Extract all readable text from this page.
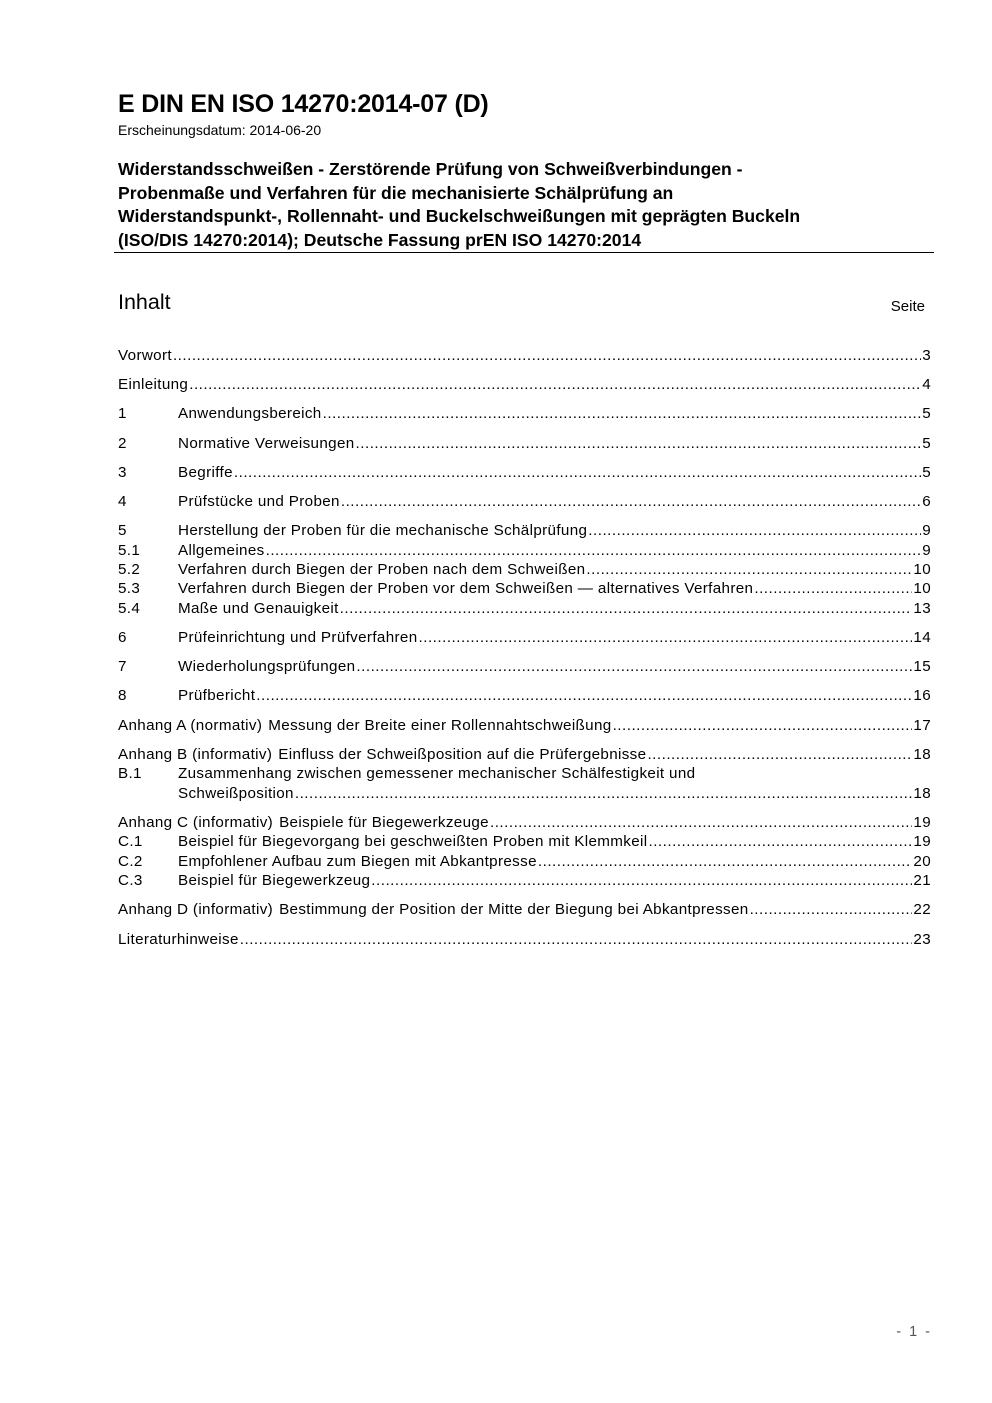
E DIN EN ISO 14270:2014-07 (D)
Erscheinungsdatum: 2014-06-20
Widerstandsschweißen - Zerstörende Prüfung von Schweißverbindungen -
Probenmaße und Verfahren für die mechanisierte Schälprüfung an
Widerstandspunkt-, Rollennaht- und Buckelschweißungen mit geprägten Buckeln
(ISO/DIS 14270:2014); Deutsche Fassung prEN ISO 14270:2014
Inhalt	Seite
Vorwort .....	3
Einleitung .....	4
1	Anwendungsbereich .....	5
2	Normative Verweisungen .....	5
3	Begriffe .....	5
4	Prüfstücke und Proben .....	6
5	Herstellung der Proben für die mechanische Schälprüfung .....	9
5.1	Allgemeines .....	9
5.2	Verfahren durch Biegen der Proben nach dem Schweißen .....	10
5.3	Verfahren durch Biegen der Proben vor dem Schweißen — alternatives Verfahren .....	10
5.4	Maße und Genauigkeit .....	13
6	Prüfeinrichtung und Prüfverfahren .....	14
7	Wiederholungsprüfungen .....	15
8	Prüfbericht .....	16
Anhang A (normativ) Messung der Breite einer Rollennahtschweißung .....	17
Anhang B (informativ) Einfluss der Schweißposition auf die Prüfergebnisse .....	18
B.1	Zusammenhang zwischen gemessener mechanischer Schälfestigkeit und
Schweißposition .....	18
Anhang C (informativ) Beispiele für Biegewerkzeuge .....	19
C.1	Beispiel für Biegevorgang bei geschweißten Proben mit Klemmkeil .....	19
C.2	Empfohlener Aufbau zum Biegen mit Abkantpresse .....	20
C.3	Beispiel für Biegewerkzeug .....	21
Anhang D (informativ) Bestimmung der Position der Mitte der Biegung bei Abkantpressen .....	22
Literaturhinweise .....	23
- 1 -
